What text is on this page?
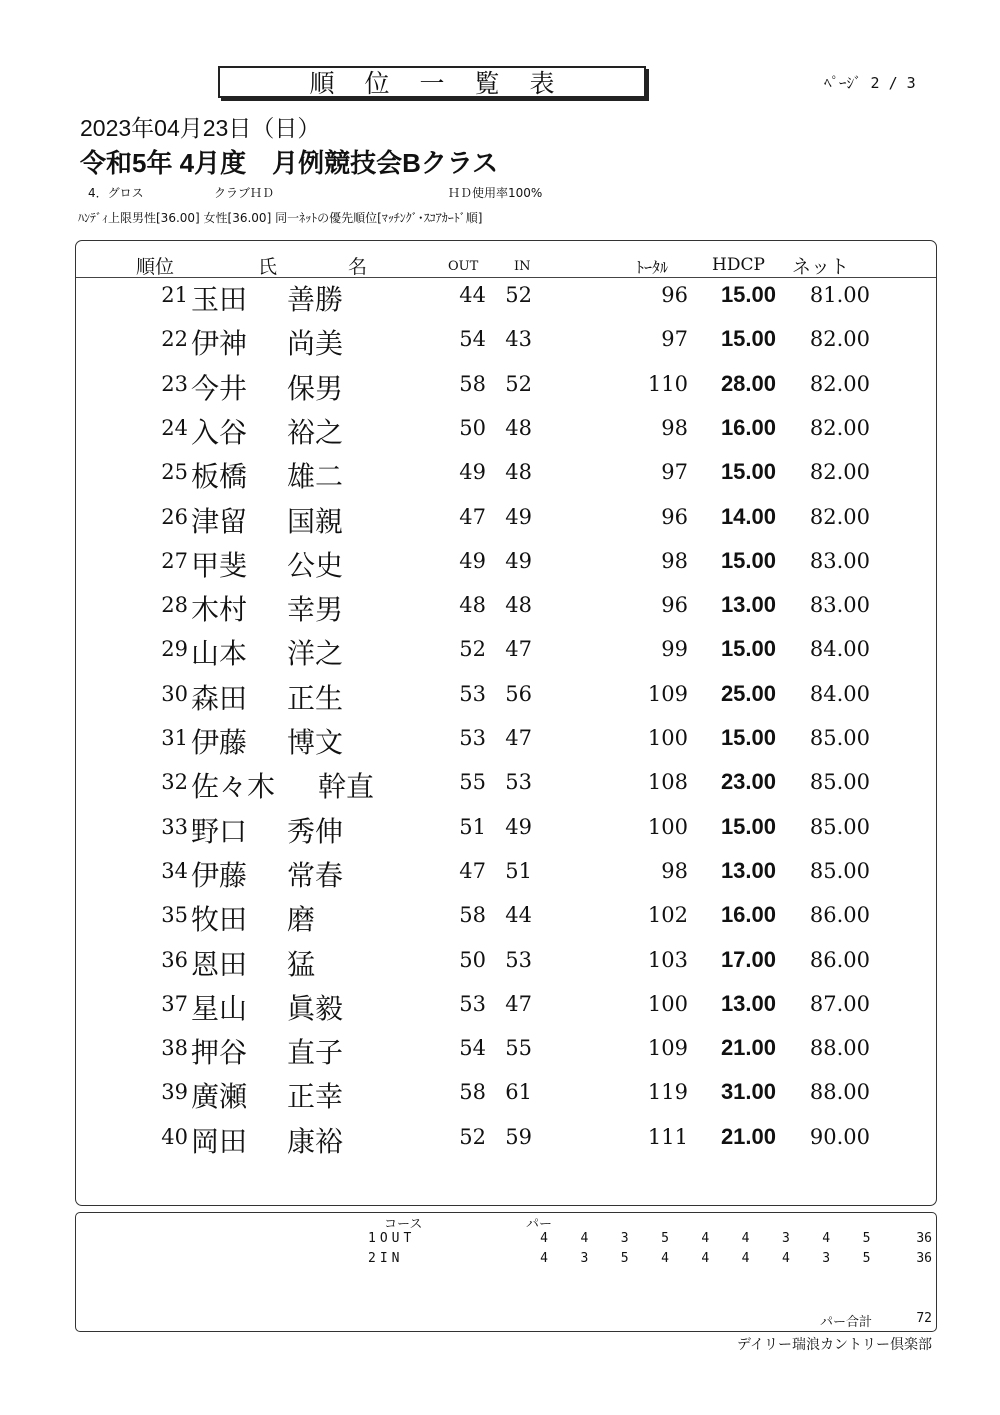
順位一覧表	ﾍﾟｰｼﾞ 2 / 3
2023年04月23日（日）
令和5年 4月度　月例競技会Bクラス
4．グロス	クラブＨＤ	ＨＤ使用率100%
ﾊﾝﾃﾞｨ上限男性[36.00] 女性[36.00] 同一ﾈｯﾄの優先順位[ﾏｯﾁﾝｸﾞ･ｽｺｱｶｰﾄﾞ順]
順位	氏	名	OUT	IN	ﾄｰﾀﾙ	HDCP ネット
21 玉田 善勝	44 52	96	15.00	81.00
22 伊神 尚美	54 43	97	15.00	82.00
23 今井 保男	58 52	110	28.00	82.00
24 入谷 裕之	50 48	98	16.00	82.00
25 板橋 雄二	49 48	97	15.00	82.00
26 津留 国親	47 49	96	14.00	82.00
27 甲斐 公史	49 49	98	15.00	83.00
28 木村 幸男	48 48	96	13.00	83.00
29 山本 洋之	52 47	99	15.00	84.00
30 森田 正生	53 56	109	25.00	84.00
31 伊藤 博文	53 47	100	15.00	85.00
32 佐々木 幹直	55 53	108	23.00	85.00
33 野口 秀伸	51 49	100	15.00	85.00
34 伊藤 常春	47 51	98	13.00	85.00
35 牧田 磨	58 44	102	16.00	86.00
36 恩田 猛	50 53	103	17.00	86.00
37 星山 眞毅	53 47	100	13.00	87.00
38 押谷 直子	54 55	109	21.00	88.00
39 廣瀬 正幸	58 61	119	31.00	88.00
40 岡田 康裕	52 59	111	21.00	90.00
コース	パー
1OUT	4	4	3	5	4	4	3	4	5	36
2IN	4	3	5	4	4	4	4	3	5	36
パー合計	72
デイリー瑞浪カントリー倶楽部
